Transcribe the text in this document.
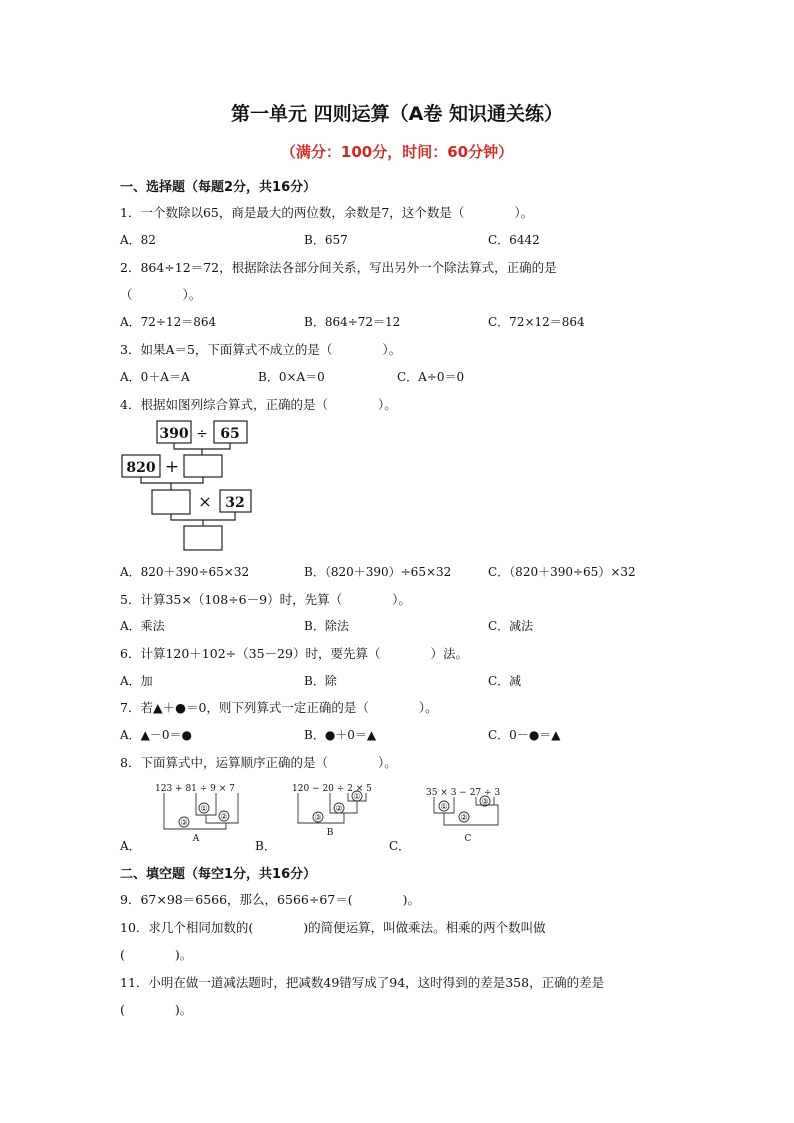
第一单元 四则运算（A卷 知识通关练）
（满分：100分，时间：60分钟）
一、选择题（每题2分，共16分）
1．一个数除以65，商是最大的两位数，余数是7，这个数是（　　　　）。
A．82	B．657	C．6442
2．864÷12＝72，根据除法各部分间关系，写出另外一个除法算式，正确的是
（　　　　）。
A．72÷12＝864	B．864÷72＝12	C．72×12＝864
3．如果A＝5，下面算式不成立的是（　　　　）。
A．0＋A＝A	B．0×A＝0	C．A÷0＝0
4．根据如图列综合算式，正确的是（　　　　）。
390 ÷ 65
820 +
× 32
A．820＋390÷65×32	B．（820＋390）÷65×32	C．（820＋390÷65）×32
5．计算35×（108÷6－9）时，先算（　　　　）。
A．乘法	B．除法	C．减法
6．计算120＋102÷（35－29）时，要先算（　　　　）法。
A．加	B．除	C．减
7．若▲＋●＝0，则下列算式一定正确的是（　　　　）。
A．▲－0＝●	B．●＋0＝▲	C．0－●＝▲
8．下面算式中，运算顺序正确的是（　　　　）。
123 + 81 ÷ 9 × 7
①
②
③
A
120 − 20 ÷ 2 × 5
①
②
③
B
35 × 3 − 27 ÷ 3
①
②
③
C
A．	B．	C．
二、填空题（每空1分，共16分）
9．67×98＝6566，那么，6566÷67＝(　　　　)。
10．求几个相同加数的(　　　　)的简便运算，叫做乘法。相乘的两个数叫做
(　　　　)。
11．小明在做一道减法题时，把减数49错写成了94，这时得到的差是358，正确的差是
(　　　　)。
